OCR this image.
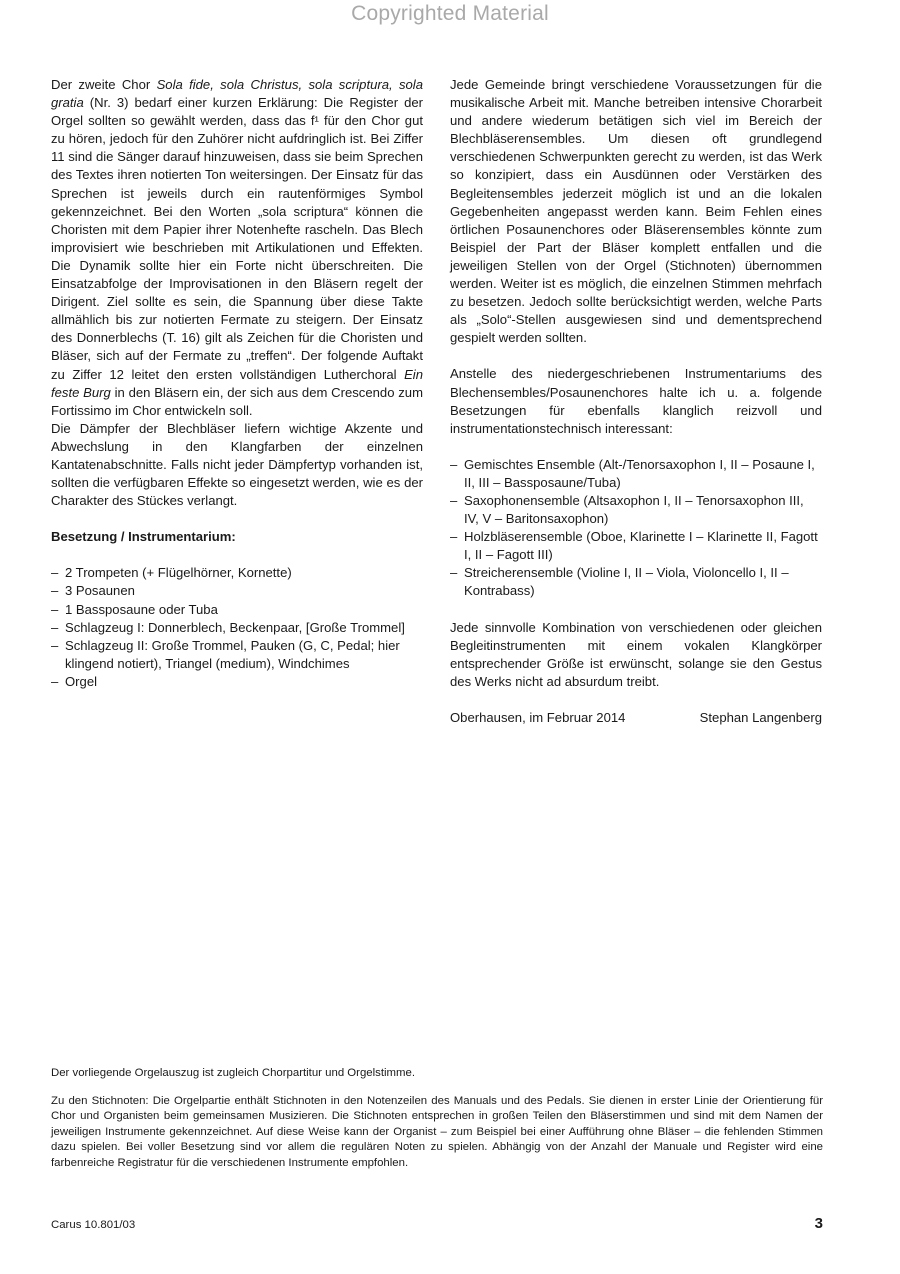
Copyrighted Material

Der zweite Chor Sola fide, sola Christus, sola scriptura, sola gratia (Nr. 3) bedarf einer kurzen Erklärung: Die Register der Orgel sollten so gewählt werden, dass das f¹ für den Chor gut zu hören, jedoch für den Zuhörer nicht aufdringlich ist. Bei Ziffer 11 sind die Sänger darauf hinzuweisen, dass sie beim Sprechen des Textes ihren notierten Ton weitersingen. Der Einsatz für das Sprechen ist jeweils durch ein rautenförmiges Symbol gekennzeichnet. Bei den Worten „sola scriptura“ können die Choristen mit dem Papier ihrer Notenhefte rascheln. Das Blech improvisiert wie beschrieben mit Artikulationen und Effekten. Die Dynamik sollte hier ein Forte nicht überschreiten. Die Einsatzabfolge der Improvisationen in den Bläsern regelt der Dirigent. Ziel sollte es sein, die Spannung über diese Takte allmählich bis zur notierten Fermate zu steigern. Der Einsatz des Donnerblechs (T. 16) gilt als Zeichen für die Choristen und Bläser, sich auf der Fermate zu „treffen“. Der folgende Auftakt zu Ziffer 12 leitet den ersten vollständigen Lutherchoral Ein feste Burg in den Bläsern ein, der sich aus dem Crescendo zum Fortissimo im Chor entwickeln soll.

Die Dämpfer der Blechbläser liefern wichtige Akzente und Abwechslung in den Klangfarben der einzelnen Kantatenabschnitte. Falls nicht jeder Dämpfertyp vorhanden ist, sollten die verfügbaren Effekte so eingesetzt werden, wie es der Charakter des Stückes verlangt.

Besetzung / Instrumentarium:

– 2 Trompeten (+ Flügelhörner, Kornette)
– 3 Posaunen
– 1 Bassposaune oder Tuba
– Schlagzeug I: Donnerblech, Beckenpaar, [Große Trommel]
– Schlagzeug II: Große Trommel, Pauken (G, C, Pedal; hier klingend notiert), Triangel (medium), Windchimes
– Orgel

Jede Gemeinde bringt verschiedene Voraussetzungen für die musikalische Arbeit mit. Manche betreiben intensive Chorarbeit und andere wiederum betätigen sich viel im Bereich der Blechbläserensembles. Um diesen oft grundlegend verschiedenen Schwerpunkten gerecht zu werden, ist das Werk so konzipiert, dass ein Ausdünnen oder Verstärken des Begleitensembles jederzeit möglich ist und an die lokalen Gegebenheiten angepasst werden kann. Beim Fehlen eines örtlichen Posaunenchores oder Bläserensembles könnte zum Beispiel der Part der Bläser komplett entfallen und die jeweiligen Stellen von der Orgel (Stichnoten) übernommen werden. Weiter ist es möglich, die einzelnen Stimmen mehrfach zu besetzen. Jedoch sollte berücksichtigt werden, welche Parts als „Solo“-Stellen ausgewiesen sind und dementsprechend gespielt werden sollten.

Anstelle des niedergeschriebenen Instrumentariums des Blechensembles/Posaunenchores halte ich u. a. folgende Besetzungen für ebenfalls klanglich reizvoll und instrumentationstechnisch interessant:

– Gemischtes Ensemble (Alt-/Tenorsaxophon I, II – Posaune I, II, III – Bassposaune/Tuba)
– Saxophonensemble (Altsaxophon I, II – Tenorsaxophon III, IV, V – Baritonsaxophon)
– Holzbläserensemble (Oboe, Klarinette I – Klarinette II, Fagott I, II – Fagott III)
– Streicherensemble (Violine I, II – Viola, Violoncello I, II – Kontrabass)

Jede sinnvolle Kombination von verschiedenen oder gleichen Begleitinstrumenten mit einem vokalen Klangkörper entsprechender Größe ist erwünscht, solange sie den Gestus des Werks nicht ad absurdum treibt.

Oberhausen, im Februar 2014	Stephan Langenberg

Der vorliegende Orgelauszug ist zugleich Chorpartitur und Orgelstimme.

Zu den Stichnoten: Die Orgelpartie enthält Stichnoten in den Notenzeilen des Manuals und des Pedals. Sie dienen in erster Linie der Orientierung für Chor und Organisten beim gemeinsamen Musizieren. Die Stichnoten entsprechen in großen Teilen den Bläserstimmen und sind mit dem Namen der jeweiligen Instrumente gekennzeichnet. Auf diese Weise kann der Organist – zum Beispiel bei einer Aufführung ohne Bläser – die fehlenden Stimmen dazu spielen. Bei voller Besetzung sind vor allem die regulären Noten zu spielen. Abhängig von der Anzahl der Manuale und Register wird eine farbenreiche Registratur für die verschiedenen Instrumente empfohlen.

Carus 10.801/03	3
